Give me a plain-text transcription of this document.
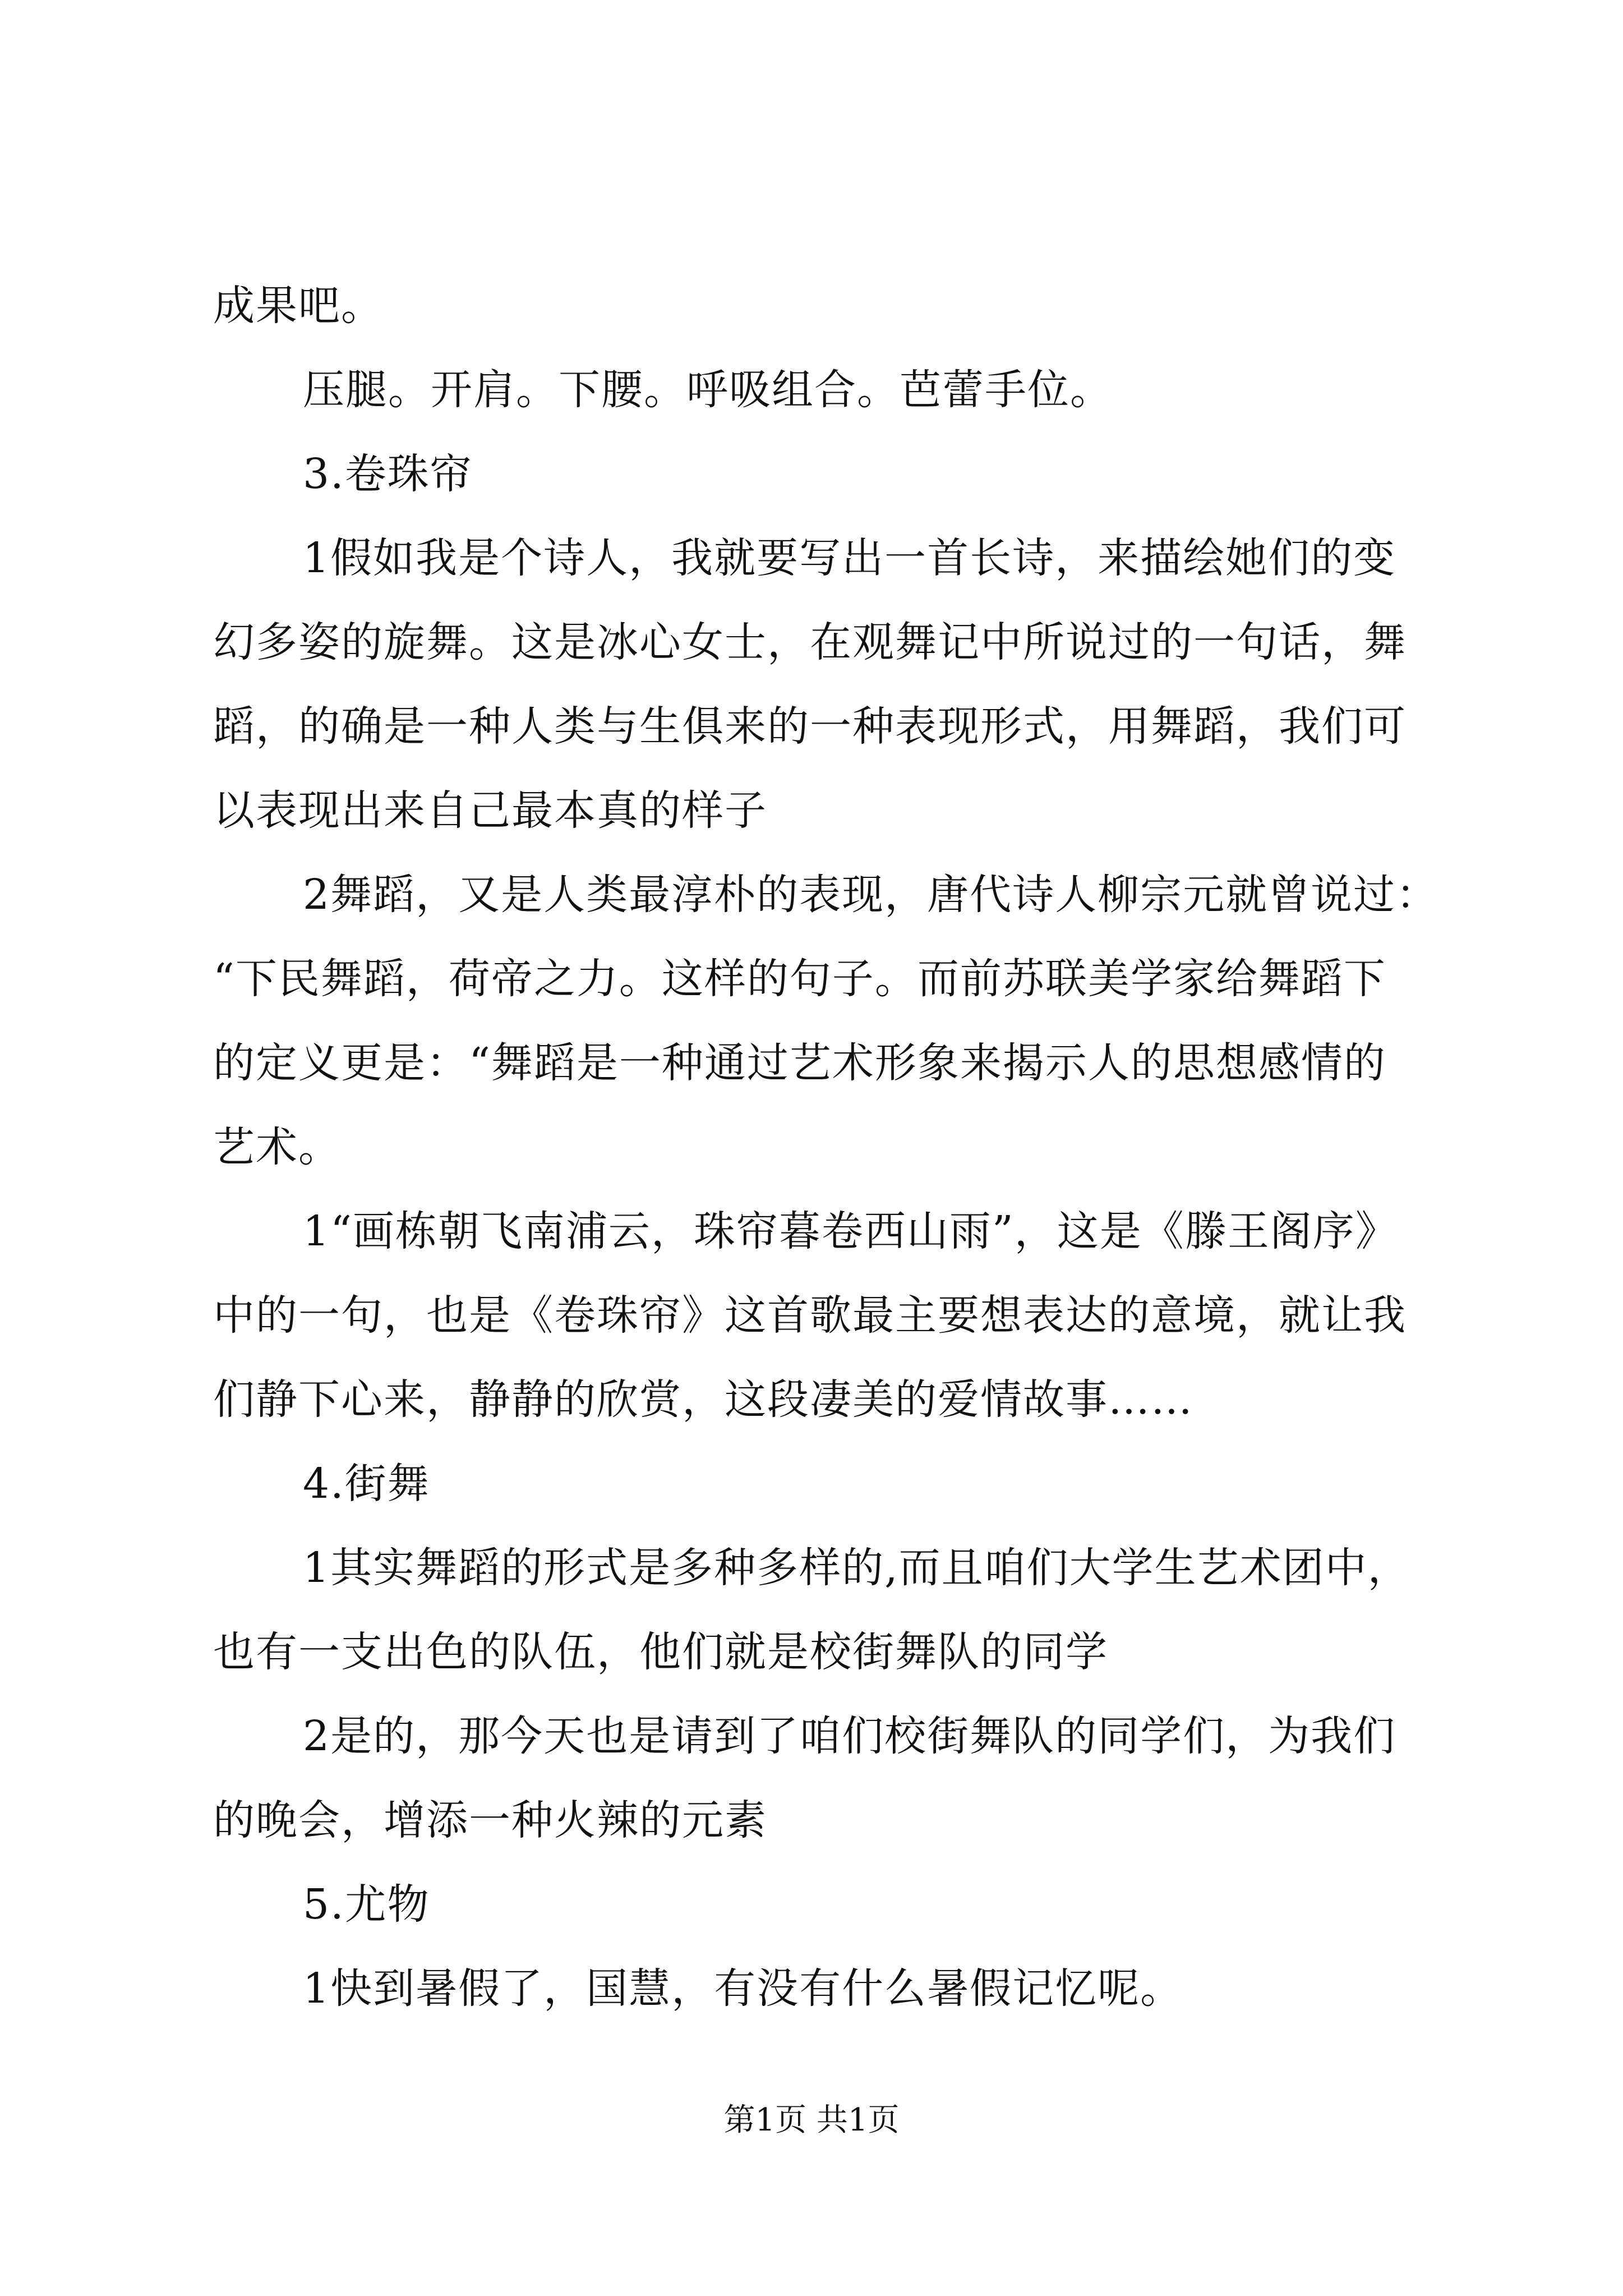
成果吧。
压腿。开肩。下腰。呼吸组合。芭蕾手位。
3.卷珠帘
1假如我是个诗人，我就要写出一首长诗，来描绘她们的变
幻多姿的旋舞。这是冰心女士，在观舞记中所说过的一句话，舞
蹈，的确是一种人类与生俱来的一种表现形式，用舞蹈，我们可
以表现出来自己最本真的样子
2舞蹈，又是人类最淳朴的表现，唐代诗人柳宗元就曾说过：
“下民舞蹈，荷帝之力。这样的句子。而前苏联美学家给舞蹈下
的定义更是：“舞蹈是一种通过艺术形象来揭示人的思想感情的
艺术。
1“画栋朝飞南浦云，珠帘暮卷西山雨”，这是《滕王阁序》
中的一句，也是《卷珠帘》这首歌最主要想表达的意境，就让我
们静下心来，静静的欣赏，这段凄美的爱情故事……
4.街舞
1其实舞蹈的形式是多种多样的,而且咱们大学生艺术团中，
也有一支出色的队伍，他们就是校街舞队的同学
2是的，那今天也是请到了咱们校街舞队的同学们，为我们
的晚会，增添一种火辣的元素
5.尤物
1快到暑假了，国慧，有没有什么暑假记忆呢。
第1页 共1页
